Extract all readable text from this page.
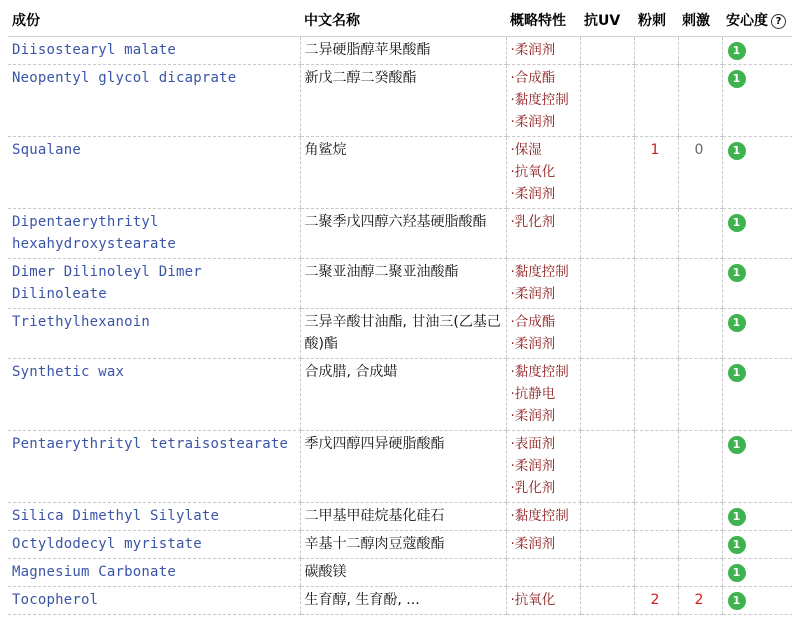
成份	中文名称	概略特性	抗UV	粉刺	刺激	安心度 ?
Diisostearyl malate	二异硬脂醇苹果酸酯	·柔润剂				1
Neopentyl glycol dicaprate	新戊二醇二癸酸酯	·合成酯
·黏度控制
·柔润剂				1
Squalane	角鲨烷	·保湿
·抗氧化
·柔润剂		1	0	1
Dipentaerythrityl hexahydroxystearate	二聚季戊四醇六羟基硬脂酸酯	·乳化剂				1
Dimer Dilinoleyl Dimer Dilinoleate	二聚亚油醇二聚亚油酸酯	·黏度控制
·柔润剂				1
Triethylhexanoin	三异辛酸甘油酯, 甘油三(乙基己酸)酯	·合成酯
·柔润剂				1
Synthetic wax	合成腊, 合成蜡	·黏度控制
·抗静电
·柔润剂				1
Pentaerythrityl tetraisostearate	季戊四醇四异硬脂酸酯	·表面剂
·柔润剂
·乳化剂				1
Silica Dimethyl Silylate	二甲基甲硅烷基化硅石	·黏度控制				1
Octyldodecyl myristate	辛基十二醇肉豆蔻酸酯	·柔润剂				1
Magnesium Carbonate	碳酸镁					1
Tocopherol	生育醇, 生育酚, ...	·抗氧化		2	2	1
